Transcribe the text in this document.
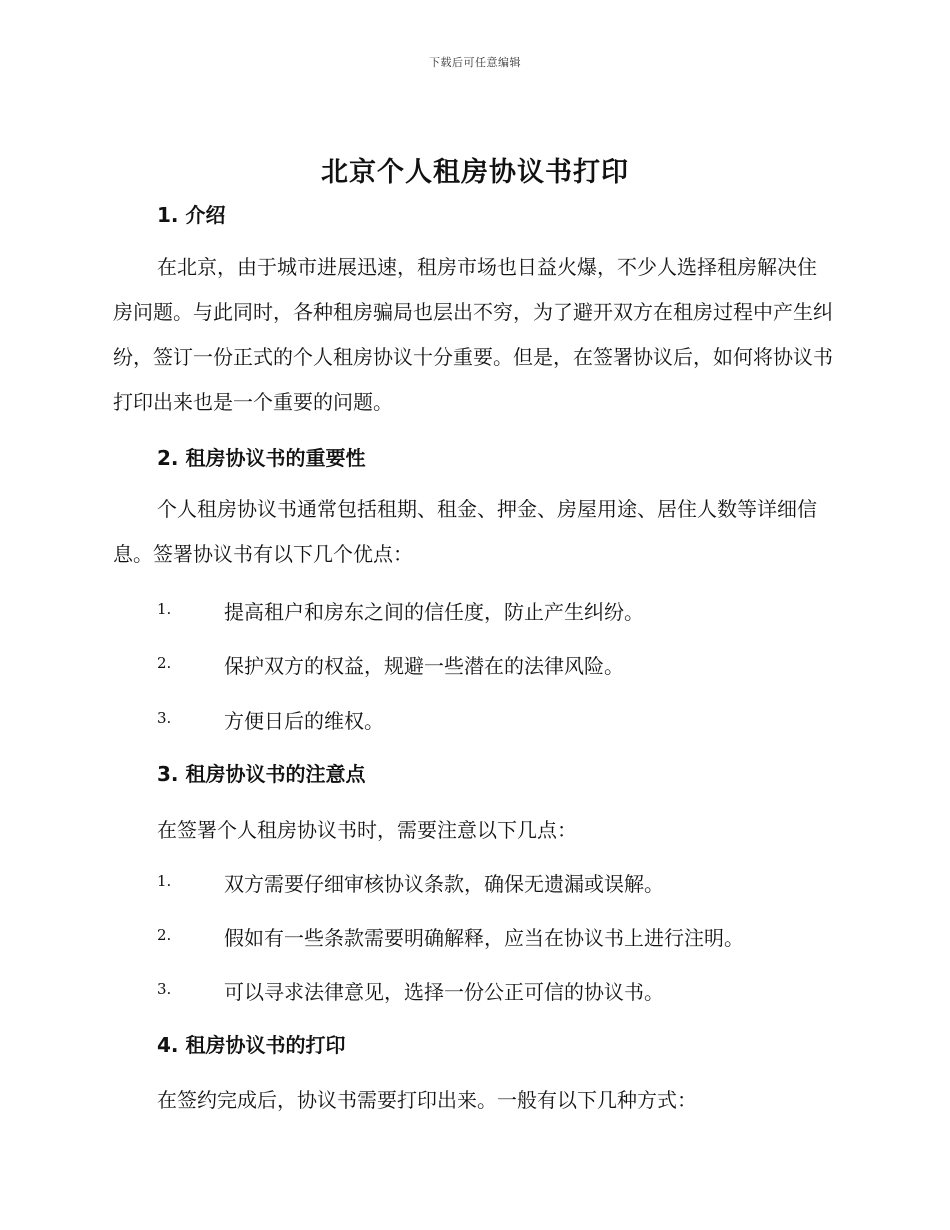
下载后可任意编辑
北京个人租房协议书打印
1. 介绍

在北京，由于城市进展迅速，租房市场也日益火爆，不少人选择租房解决住房问题。与此同时，各种租房骗局也层出不穷，为了避开双方在租房过程中产生纠纷，签订一份正式的个人租房协议十分重要。但是，在签署协议后，如何将协议书打印出来也是一个重要的问题。

2. 租房协议书的重要性

个人租房协议书通常包括租期、租金、押金、房屋用途、居住人数等详细信息。签署协议书有以下几个优点：

1.	提高租户和房东之间的信任度，防止产生纠纷。
2.	保护双方的权益，规避一些潜在的法律风险。
3.	方便日后的维权。
3. 租房协议书的注意点

在签署个人租房协议书时，需要注意以下几点：

1.	双方需要仔细审核协议条款，确保无遗漏或误解。
2.	假如有一些条款需要明确解释，应当在协议书上进行注明。
3.	可以寻求法律意见，选择一份公正可信的协议书。
4. 租房协议书的打印

在签约完成后，协议书需要打印出来。一般有以下几种方式：
